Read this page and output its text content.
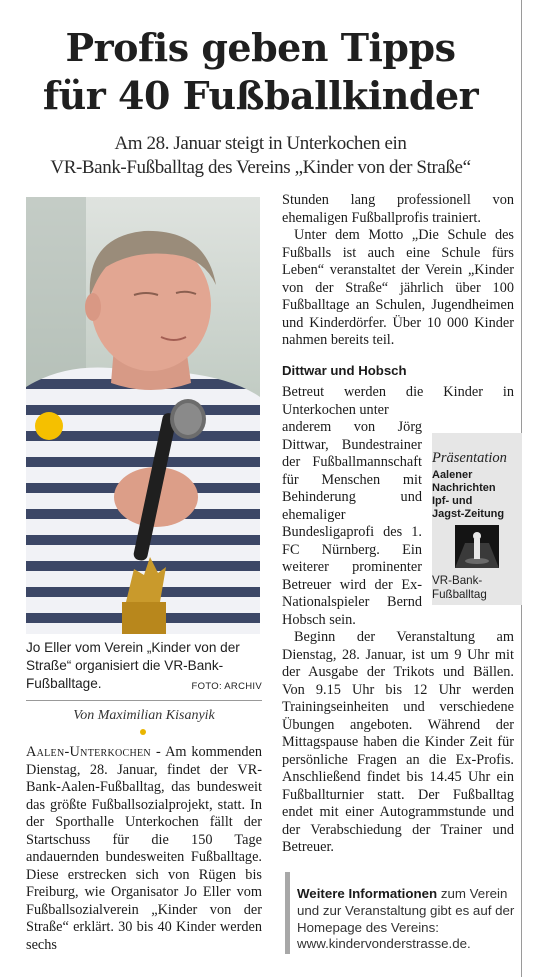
Profis geben Tipps
für 40 Fußballkinder
Am 28. Januar steigt in Unterkochen ein
VR-Bank-Fußballtag des Vereins „Kinder von der Straße“
Jo Eller vom Verein „Kinder von der Straße“ organisiert die VR-Bank-Fußballtage.	FOTO: ARCHIV
Von Maximilian Kisanyik

Aalen-Unterkochen - Am kommenden Dienstag, 28. Januar, findet der VR-Bank-Aalen-Fußballtag, das bundesweit das größte Fußballsozialprojekt, statt. In der Sporthalle Unterkochen fällt der Startschuss für die 150 Tage andauernden bundesweiten Fußballtage. Diese erstrecken sich von Rügen bis Freiburg, wie Organisator Jo Eller vom Fußballsozialverein „Kinder von der Straße“ erklärt. 30 bis 40 Kinder werden sechs

Stunden lang professionell von ehemaligen Fußballprofis trainiert.

Unter dem Motto „Die Schule des Fußballs ist auch eine Schule fürs Leben“ veranstaltet der Verein „Kinder von der Straße“ jährlich über 100 Fußballtage an Schulen, Jugendheimen und Kinderdörfer. Über 10 000 Kinder nahmen bereits teil.

Dittwar und Hobsch

Betreut werden die Kinder in Unterkochen unter

anderem von Jörg Dittwar, Bundestrainer der Fußballmannschaft für Menschen mit Behinderung und ehemaliger Bundesligaprofi des 1. FC Nürnberg. Ein weiterer prominenter Betreuer wird der Ex-Nationalspieler Bernd Hobsch sein.

Beginn der Veranstaltung am Dienstag, 28. Januar, ist um 9 Uhr mit der Ausgabe der Trikots und Bällen. Von 9.15 Uhr bis 12 Uhr werden Trainingseinheiten und verschiedene Übungen angeboten. Während der Mittagspause haben die Kinder Zeit für persönliche Fragen an die Ex-Profis. Anschließend findet bis 14.45 Uhr ein Fußballturnier statt. Der Fußballtag endet mit einer Autogrammstunde und der Verabschiedung der Trainer und Betreuer.

Präsentation
Aalener
Nachrichten
Ipf- und
Jagst-Zeitung
VR-Bank-
Fußballtag

Weitere Informationen zum Verein und zur Veranstaltung gibt es auf der Homepage des Vereins: www.kindervonderstrasse.de.
